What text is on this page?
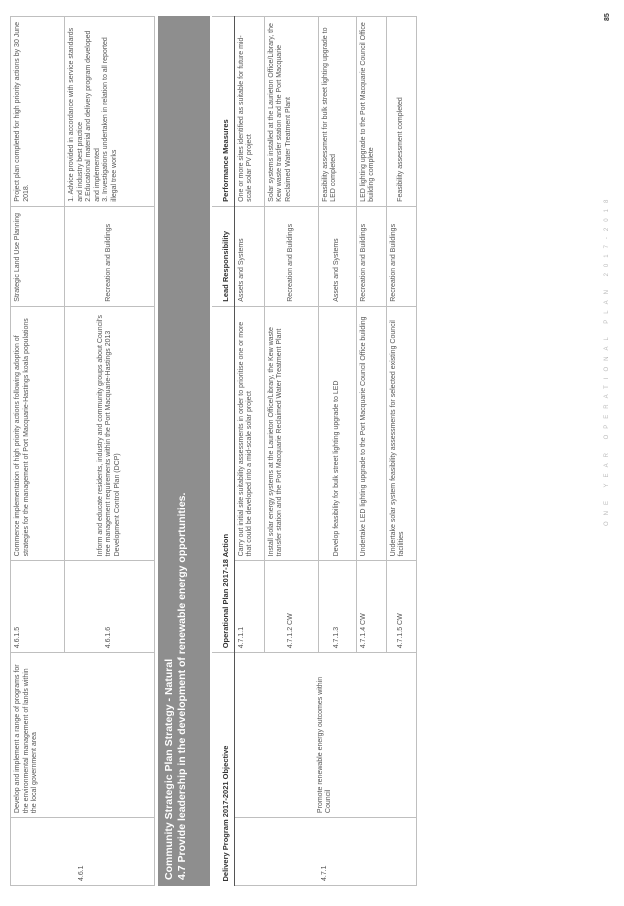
4.6.1	Develop and implement a range of programs for the environmental management of lands within the local government area	4.6.1.5	Commence implementation of high priority actions following adoption of strategies for the management of Port Macquarie-Hastings koala populations	Strategic Land Use Planning	Project plan completed for high priority actions by 30 June 2018.
		4.6.1.6	Inform and educate residents, industry and community groups about Council's tree management requirements within the Port Macquarie-Hastings 2013 Development Control Plan (DCP)	Recreation and Buildings	1. Advice provided in accordance with service standards and industry best practice
2.Educational material and delivery program developed and implemented
3. Investigations undertaken in relation to all reported illegal tree works
Community Strategic Plan Strategy - Natural 4.7 Provide leadership in the development of renewable energy opportunities.	Delivery Program 2017-2021 Objective		Operational Plan 2017-18 Action		Lead Responsibility	Performance Measures
4.7.1	Promote renewable energy outcomes within Council	4.7.1.1	Carry out initial site suitability assessments in order to prioritise one or more that could be developed into a mid-scale solar project	Assets and Systems	One or more sites identified as suitable for future mid-scale solar PV project
		4.7.1.2 CW	Install solar energy systems at the Laurieton Office/Library, the Kew waste transfer station and the Port Macquarie Reclaimed Water Treatment Plant	Recreation and Buildings	Solar systems installed at the Laurieton Office/Library, the Kew waste transfer station and the Port Macquarie Reclaimed Water Treatment Plant
		4.7.1.3	Develop feasibility for bulk street lighting upgrade to LED	Assets and Systems	Feasibility assessment for bulk street lighting upgrade to LED completed
		4.7.1.4 CW	Undertake LED lighting upgrade to the Port Macquarie Council Office building	Recreation and Buildings	LED lighting upgrade to the Port Macquarie Council Office building complete
		4.7.1.5 CW	Undertake solar system feasibility assessments for selected existing Council facilities	Recreation and Buildings	Feasibility assessment completed
ONE YEAR OPERATIONAL PLAN 2017-2018
85
